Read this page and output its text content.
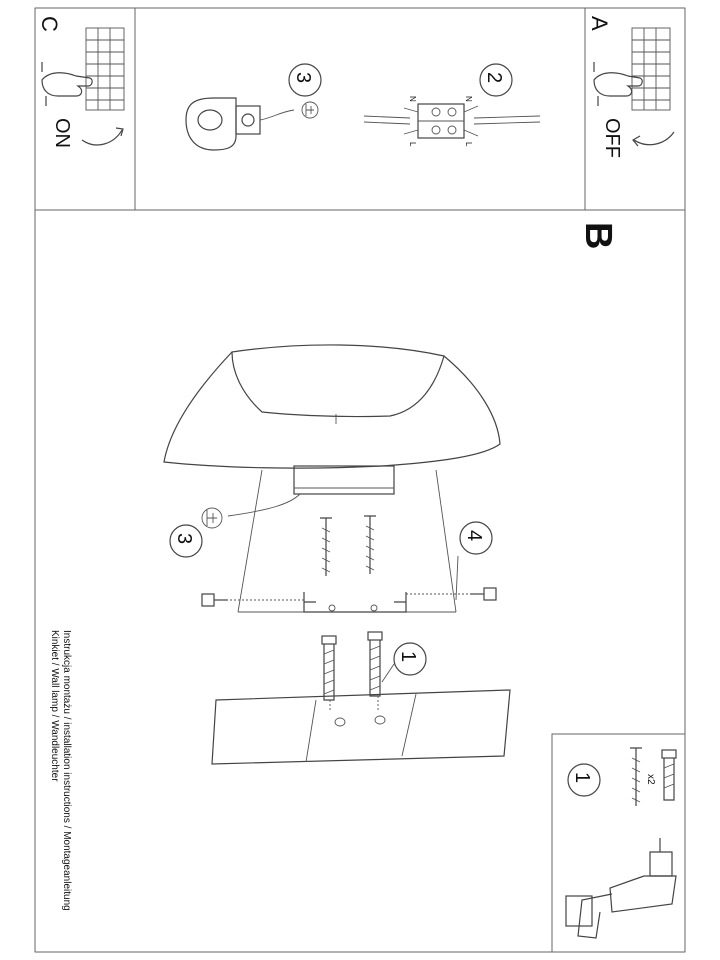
C
ON
A
OFF
3	2
N	N
L	L
B
3	4
1
1	x2
Instrukcja montażu / installation instructions / Montageanleitung
Kinkiet / Wall lamp / Wandleuchter
